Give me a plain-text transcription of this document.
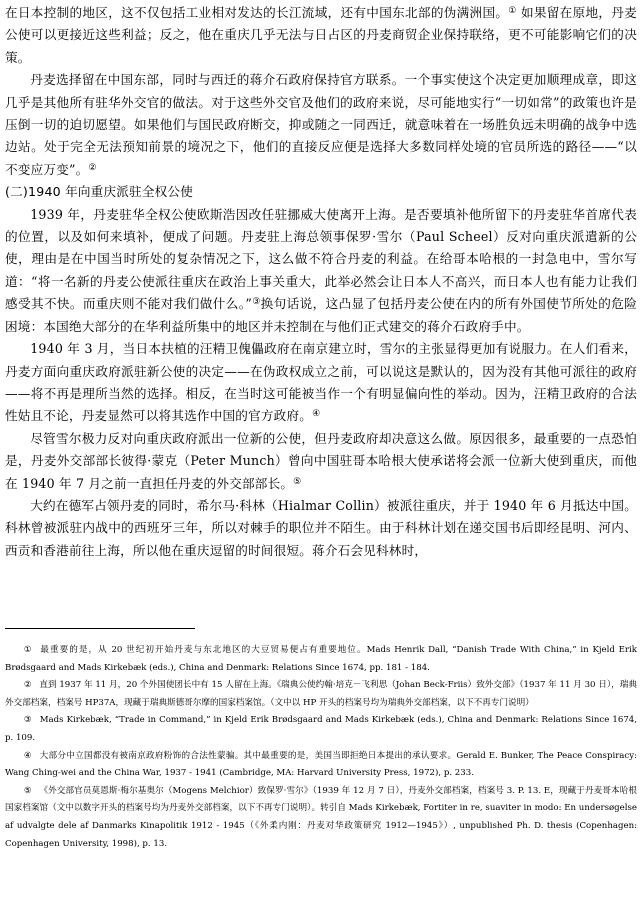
在日本控制的地区，这不仅包括工业相对发达的长江流域，还有中国东北部的伪满洲国。① 如果留在原地，丹麦公使可以更接近这些利益；反之，他在重庆几乎无法与日占区的丹麦商贸企业保持联络，更不可能影响它们的决策。

丹麦选择留在中国东部，同时与西迁的蒋介石政府保持官方联系。一个事实使这个决定更加顺理成章，即这几乎是其他所有驻华外交官的做法。对于这些外交官及他们的政府来说，尽可能地实行“一切如常”的政策也许是压倒一切的迫切愿望。如果他们与国民政府断交，抑或随之一同西迁，就意味着在一场胜负远未明确的战争中选边站。处于完全无法预知前景的境况之下，他们的直接反应便是选择大多数同样处境的官员所选的路径——“以不变应万变”。②

(二)1940 年向重庆派驻全权公使

1939 年，丹麦驻华全权公使欧斯浩因改任驻挪威大使离开上海。是否要填补他所留下的丹麦驻华首席代表的位置，以及如何来填补，便成了问题。丹麦驻上海总领事保罗·雪尔（Paul Scheel）反对向重庆派遣新的公使，理由是在中国当时所处的复杂情况之下，这么做不符合丹麦的利益。在给哥本哈根的一封急电中，雪尔写道：“将一名新的丹麦公使派往重庆在政治上事关重大，此举必然会让日本人不高兴，而日本人也有能力让我们感受其不快。而重庆则不能对我们做什么。”③换句话说，这凸显了包括丹麦公使在内的所有外国使节所处的危险困境：本国绝大部分的在华利益所集中的地区并未控制在与他们正式建交的蒋介石政府手中。

1940 年 3 月，当日本扶植的汪精卫傀儡政府在南京建立时，雪尔的主张显得更加有说服力。在人们看来，丹麦方面向重庆政府派驻新公使的决定——在伪政权成立之前，可以说这是默认的，因为没有其他可派往的政府——将不再是理所当然的选择。相反，在当时这可能被当作一个有明显偏向性的举动。因为，汪精卫政府的合法性姑且不论，丹麦显然可以将其选作中国的官方政府。④

尽管雪尔极力反对向重庆政府派出一位新的公使，但丹麦政府却决意这么做。原因很多，最重要的一点恐怕是，丹麦外交部部长彼得·蒙克（Peter Munch）曾向中国驻哥本哈根大使承诺将会派一位新大使到重庆，而他在 1940 年 7 月之前一直担任丹麦的外交部部长。⑤

大约在德军占领丹麦的同时，希尔马·科林（Hialmar Collin）被派往重庆，并于 1940 年 6 月抵达中国。科林曾被派驻内战中的西班牙三年，所以对棘手的职位并不陌生。由于科林计划在递交国书后即经昆明、河内、西贡和香港前往上海，所以他在重庆逗留的时间很短。蒋介石会见科林时，

① 最重要的是，从 20 世纪初开始丹麦与东北地区的大豆贸易便占有重要地位。Mads Henrik Dall, “Danish Trade With China,” in Kjeld Erik Brødsgaard and Mads Kirkebæk (eds.), China and Denmark: Relations Since 1674, pp. 181 - 184.

② 直到 1937 年 11 月，20 个外国使团长中有 15 人留在上海。《瑞典公使约翰·培克－飞利思（Johan Beck-Friis）致外交部》（1937 年 11 月 30 日），瑞典外交部档案，档案号 HP37A，现藏于瑞典斯德哥尔摩的国家档案馆。（文中以 HP 开头的档案号均为瑞典外交部档案，以下不再专门说明）

③ Mads Kirkebæk, “Trade in Command,” in Kjeld Erik Brødsgaard and Mads Kirkebæk (eds.), China and Denmark: Relations Since 1674, p. 109.

④ 大部分中立国都没有被南京政府粉饰的合法性蒙骗。其中最重要的是，美国当即拒绝日本提出的承认要求。Gerald E. Bunker, The Peace Conspiracy: Wang Ching-wei and the China War, 1937 - 1941 (Cambridge, MA: Harvard University Press, 1972), p. 233.

⑤ 《外交部官员莫恩斯·梅尔基奥尔（Mogens Melchior）致保罗·雪尔》（1939 年 12 月 7 日），丹麦外交部档案，档案号 3. P. 13. E，现藏于丹麦哥本哈根国家档案馆（文中以数字开头的档案号均为丹麦外交部档案，以下不再专门说明）。转引自 Mads Kirkebæk, Fortiter in re, suaviter in modo: En undersøgelse af udvalgte dele af Danmarks Kinapolitik 1912 - 1945（《外柔内刚：丹麦对华政策研究 1912—1945》）, unpublished Ph. D. thesis (Copenhagen: Copenhagen University, 1998), p. 13.
